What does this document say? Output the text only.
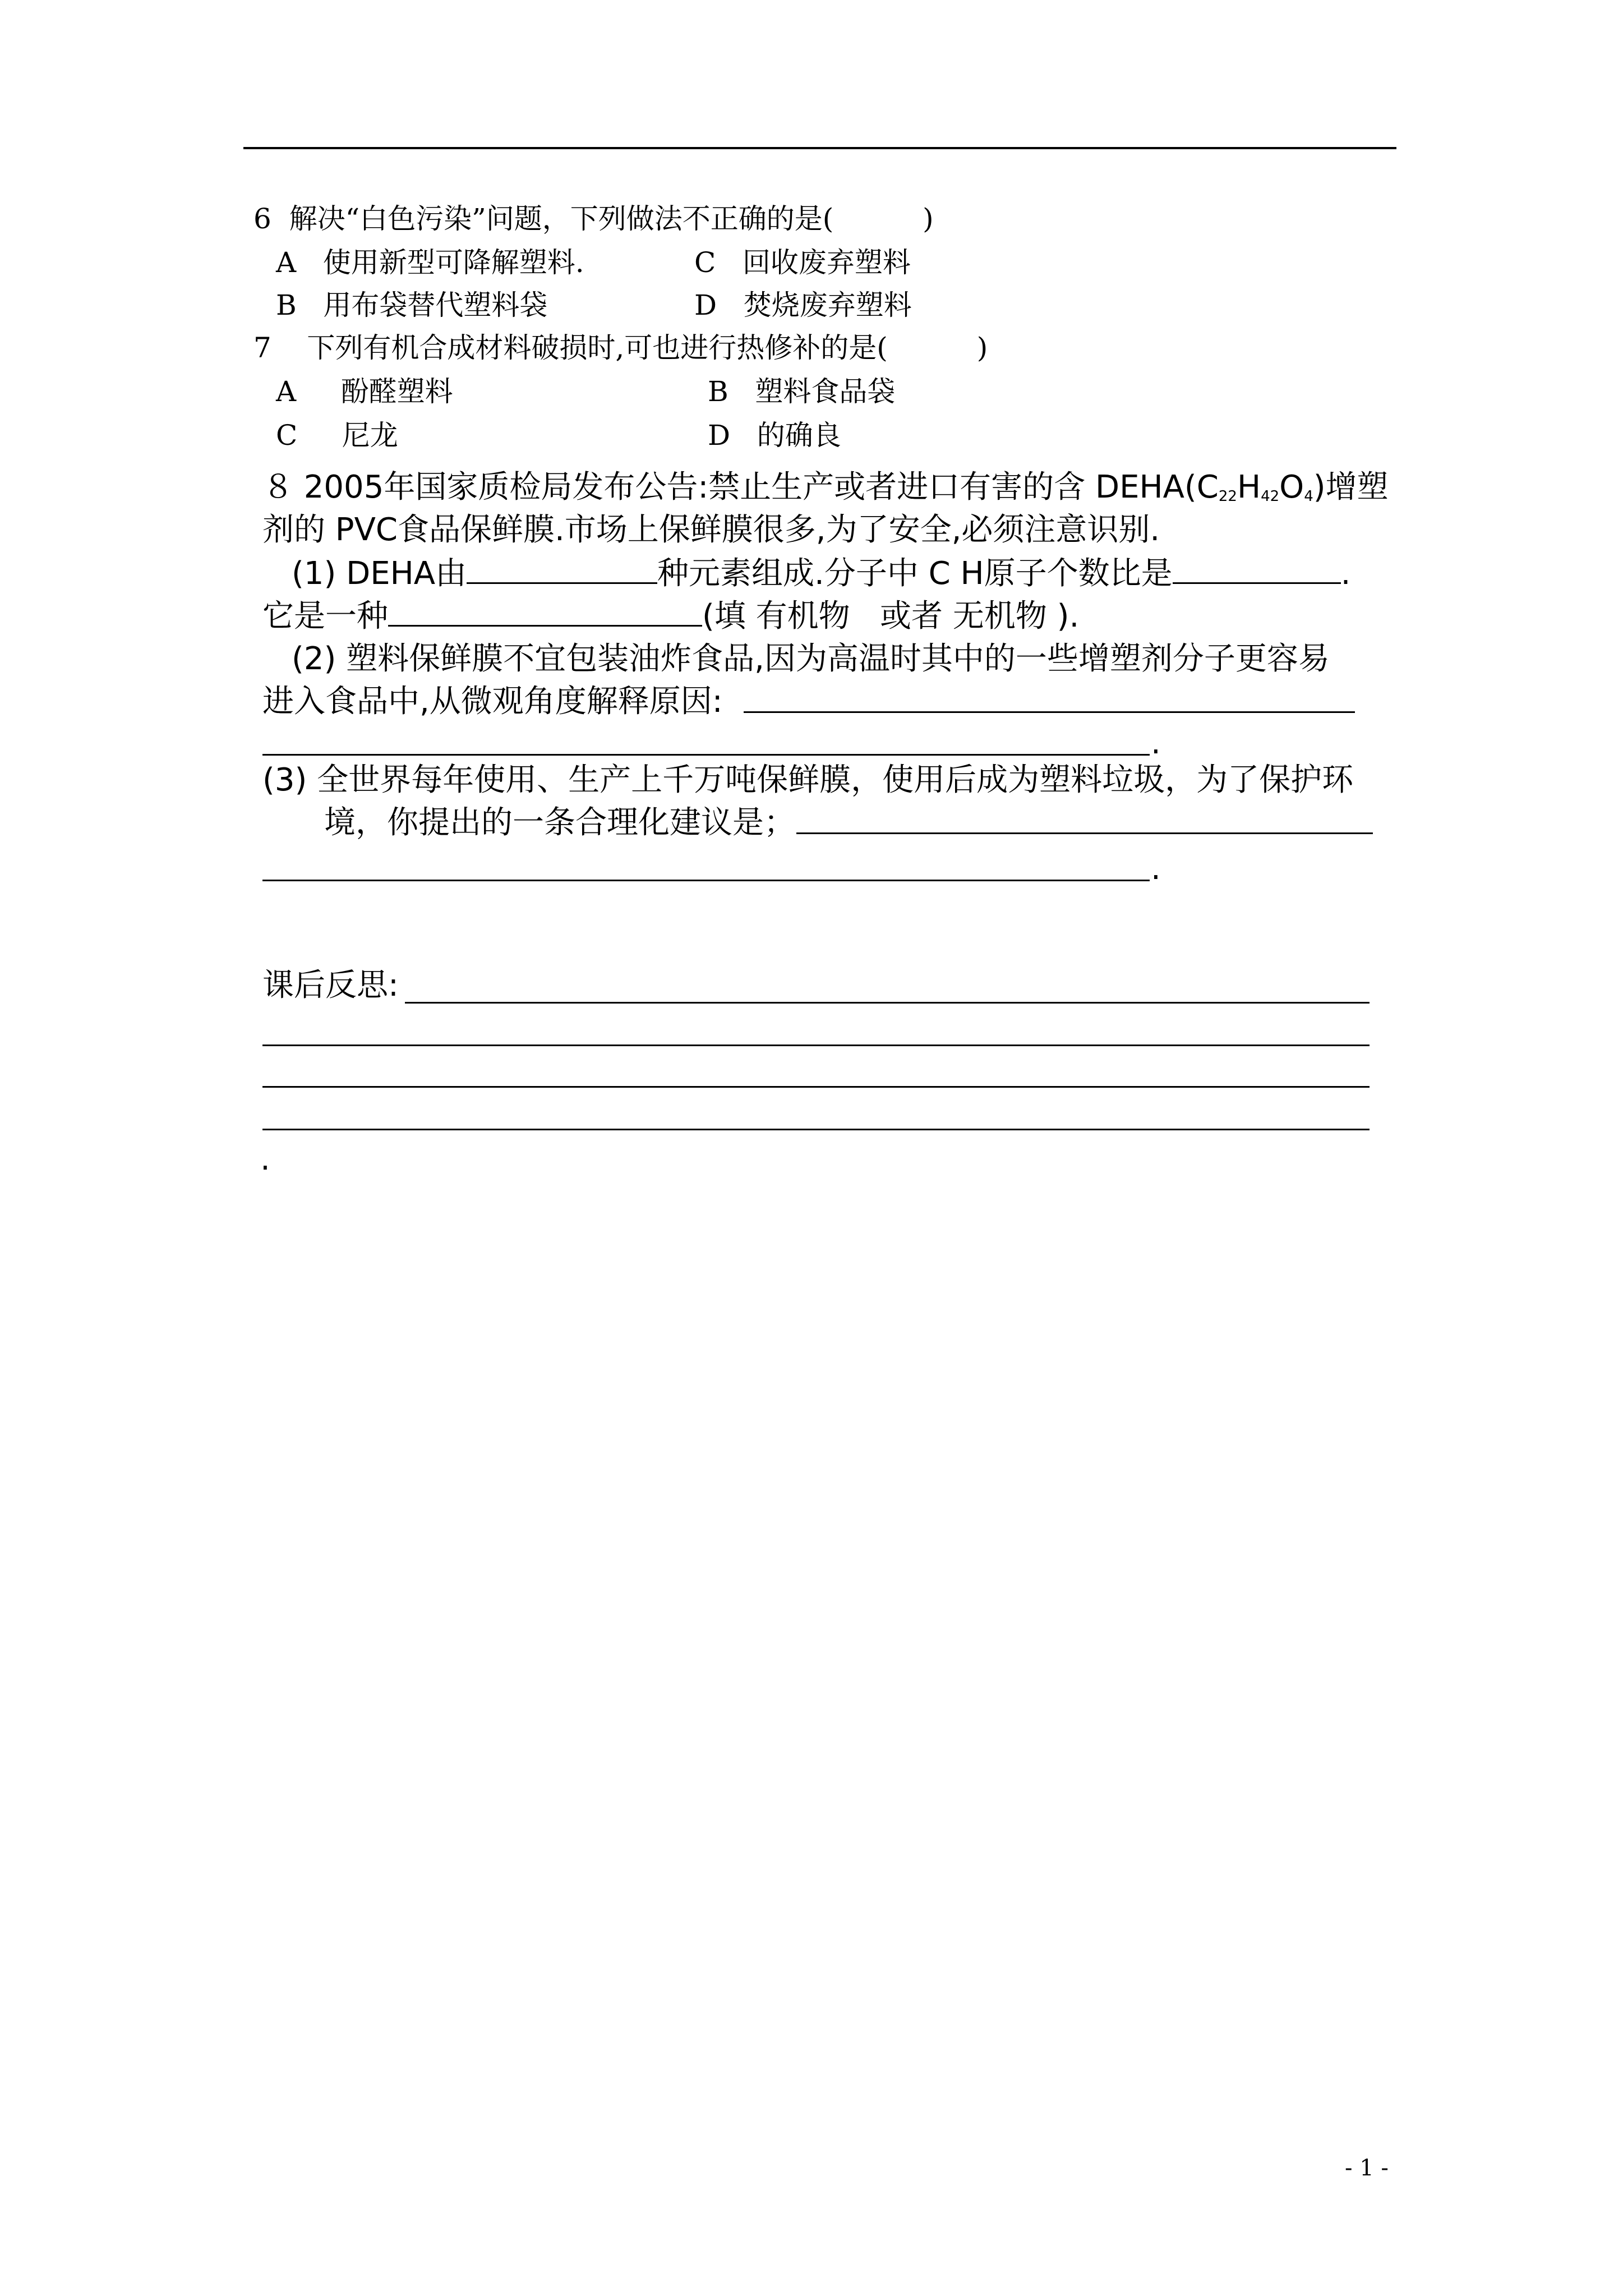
6  解决“白色污染”问题，下列做法不正确的是(          )
A   使用新型可降解塑料.	C   回收废弃塑料
B   用布袋替代塑料袋	D   焚烧废弃塑料
7    下列有机合成材料破损时,可也进行热修补的是(          )
A     酚醛塑料	B   塑料食品袋
C     尼龙	D   的确良
８ 2005年国家质检局发布公告:禁止生产或者进口有害的含 $DEHA(C_{22}H_{42}O_4)$增塑
剂的 PVC食品保鲜膜.市场上保鲜膜很多,为了安全,必须注意识别.
(1) DEHA由	种元素组成.分子中 C H原子个数比是	.
它是一种	(填 有机物   或者 无机物 ).
(2) 塑料保鲜膜不宜包装油炸食品,因为高温时其中的一些增塑剂分子更容易
进入食品中,从微观角度解释原因:
.
(3) 全世界每年使用、生产上千万吨保鲜膜，使用后成为塑料垃圾，为了保护环
境，你提出的一条合理化建议是；
.
课后反思:
.
- 1 -
